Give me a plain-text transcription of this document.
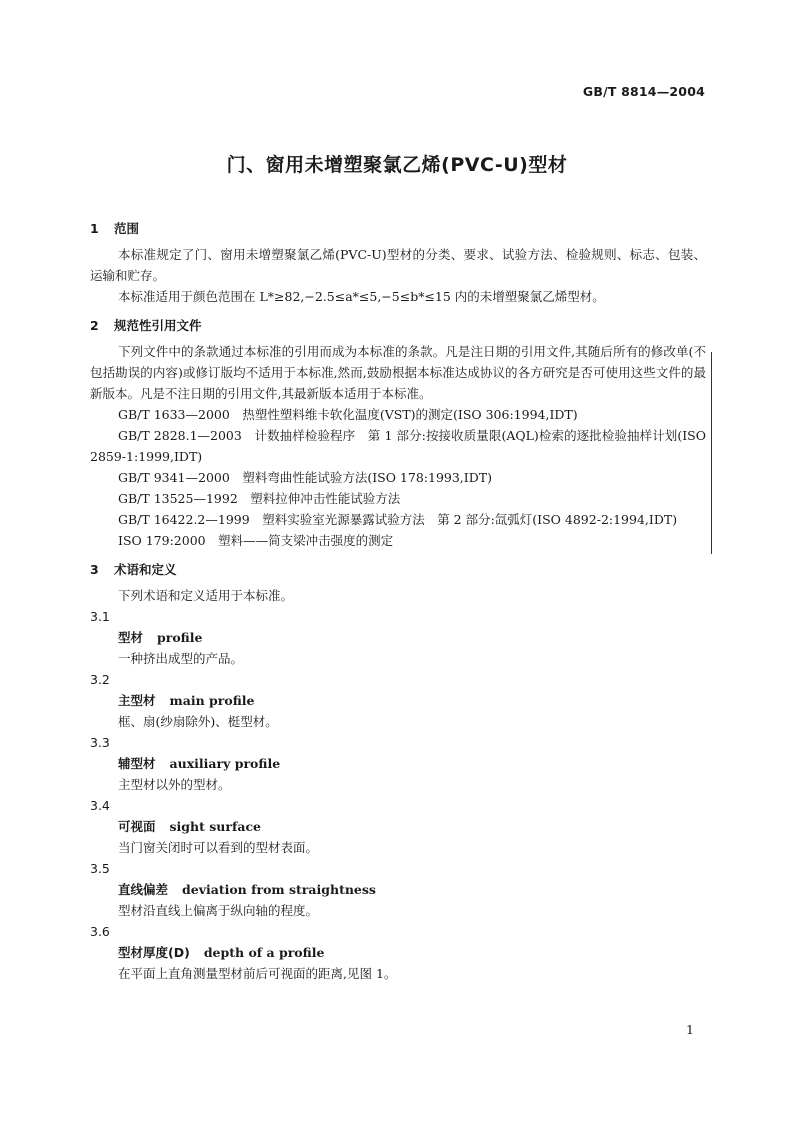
GB/T 8814—2004
门、窗用未增塑聚氯乙烯(PVC-U)型材
1 范围

本标准规定了门、窗用未增塑聚氯乙烯(PVC-U)型材的分类、要求、试验方法、检验规则、标志、包装、运输和贮存。

本标准适用于颜色范围在 L*≥82,−2.5≤a*≤5,−5≤b*≤15 内的未增塑聚氯乙烯型材。

2 规范性引用文件

下列文件中的条款通过本标准的引用而成为本标准的条款。凡是注日期的引用文件,其随后所有的修改单(不包括勘误的内容)或修订版均不适用于本标准,然而,鼓励根据本标准达成协议的各方研究是否可使用这些文件的最新版本。凡是不注日期的引用文件,其最新版本适用于本标准。

GB/T 1633—2000　热塑性塑料维卡软化温度(VST)的测定(ISO 306:1994,IDT)

GB/T 2828.1—2003　计数抽样检验程序　第 1 部分:按接收质量限(AQL)检索的逐批检验抽样计划(ISO 2859-1:1999,IDT)

GB/T 9341—2000　塑料弯曲性能试验方法(ISO 178:1993,IDT)

GB/T 13525—1992　塑料拉伸冲击性能试验方法

GB/T 16422.2—1999　塑料实验室光源暴露试验方法　第 2 部分:氙弧灯(ISO 4892-2:1994,IDT)

ISO 179:2000　塑料——简支梁冲击强度的测定

3 术语和定义

下列术语和定义适用于本标准。

3.1
型材 profile
一种挤出成型的产品。
3.2
主型材 main profile
框、扇(纱扇除外)、梃型材。
3.3
辅型材 auxiliary profile
主型材以外的型材。
3.4
可视面 sight surface
当门窗关闭时可以看到的型材表面。
3.5
直线偏差 deviation from straightness
型材沿直线上偏离于纵向轴的程度。
3.6
型材厚度(D) depth of a profile
在平面上直角测量型材前后可视面的距离,见图 1。
1
